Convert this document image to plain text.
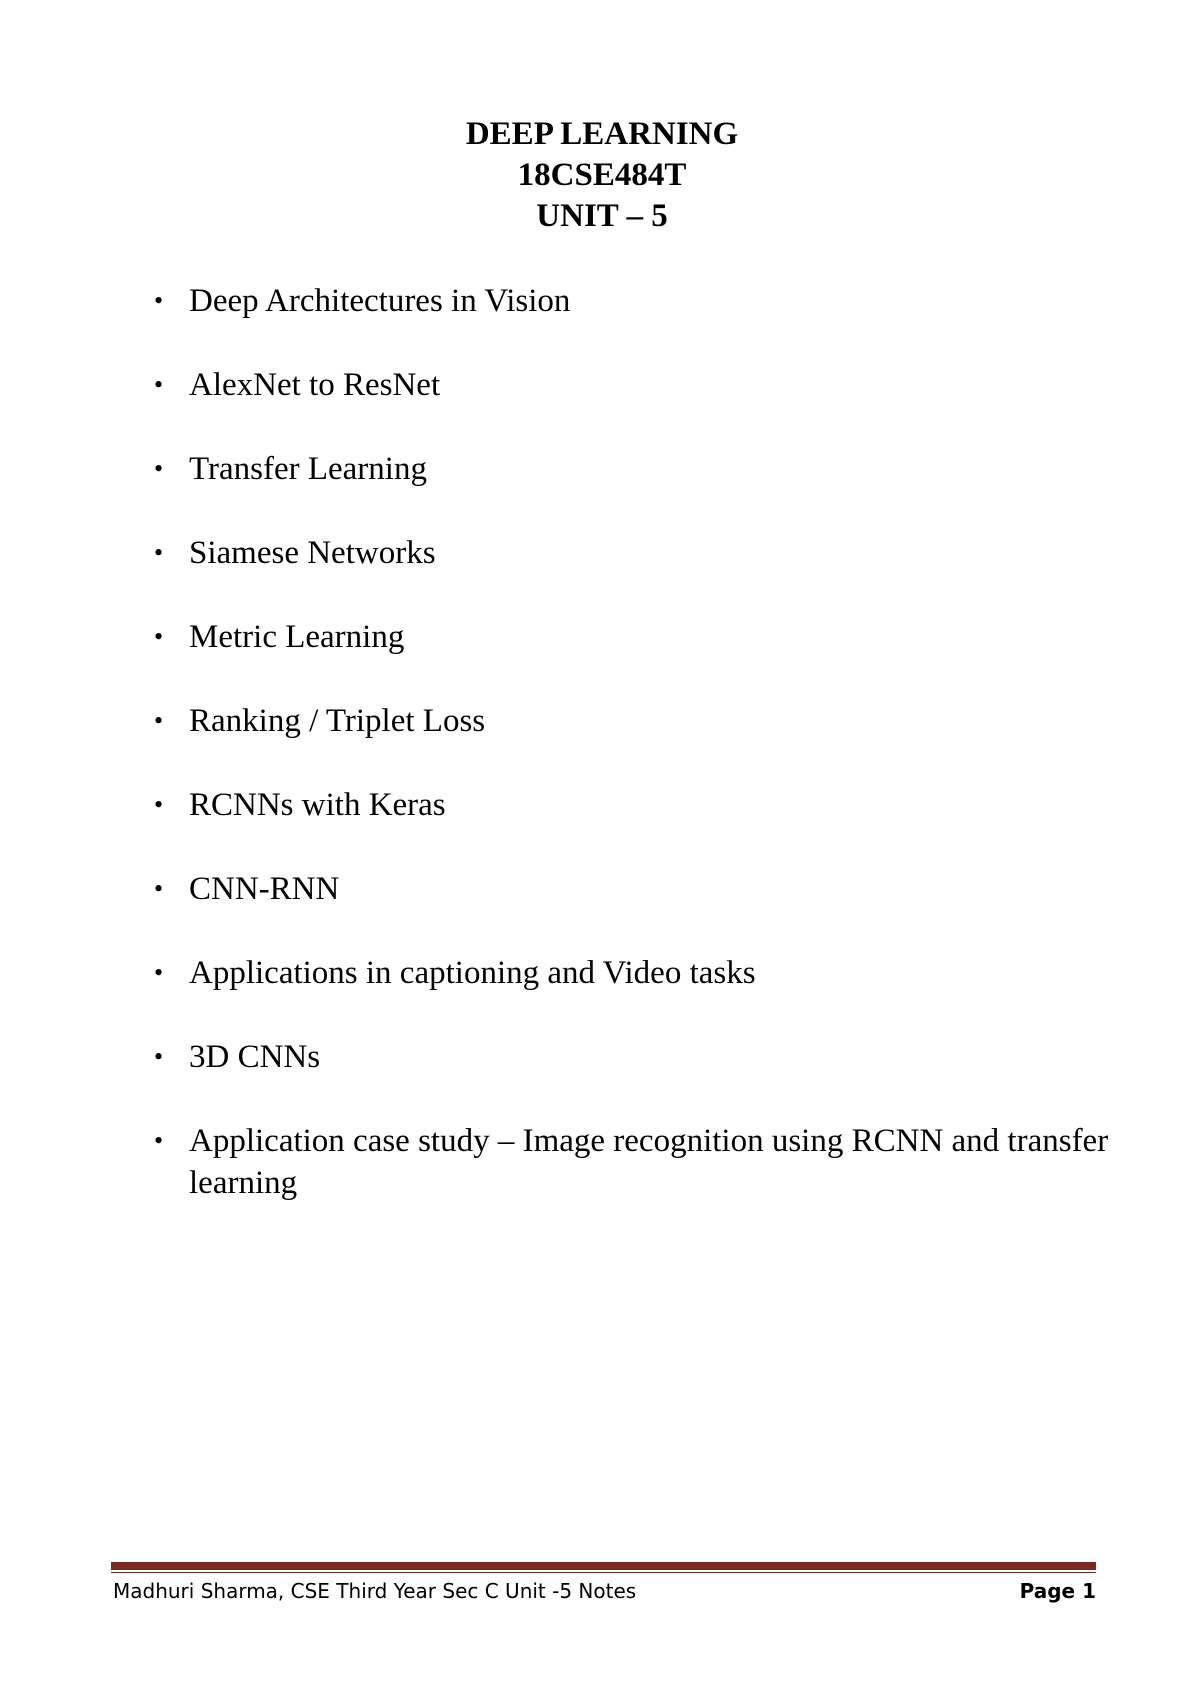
DEEP LEARNING
18CSE484T
UNIT – 5
• Deep Architectures in Vision
• AlexNet to ResNet
• Transfer Learning
• Siamese Networks
• Metric Learning
• Ranking / Triplet Loss
• RCNNs with Keras
• CNN-RNN
• Applications in captioning and Video tasks
• 3D CNNs
• Application case study – Image recognition using RCNN and transfer learning
Madhuri Sharma, CSE Third Year Sec C Unit -5 Notes	Page 1
